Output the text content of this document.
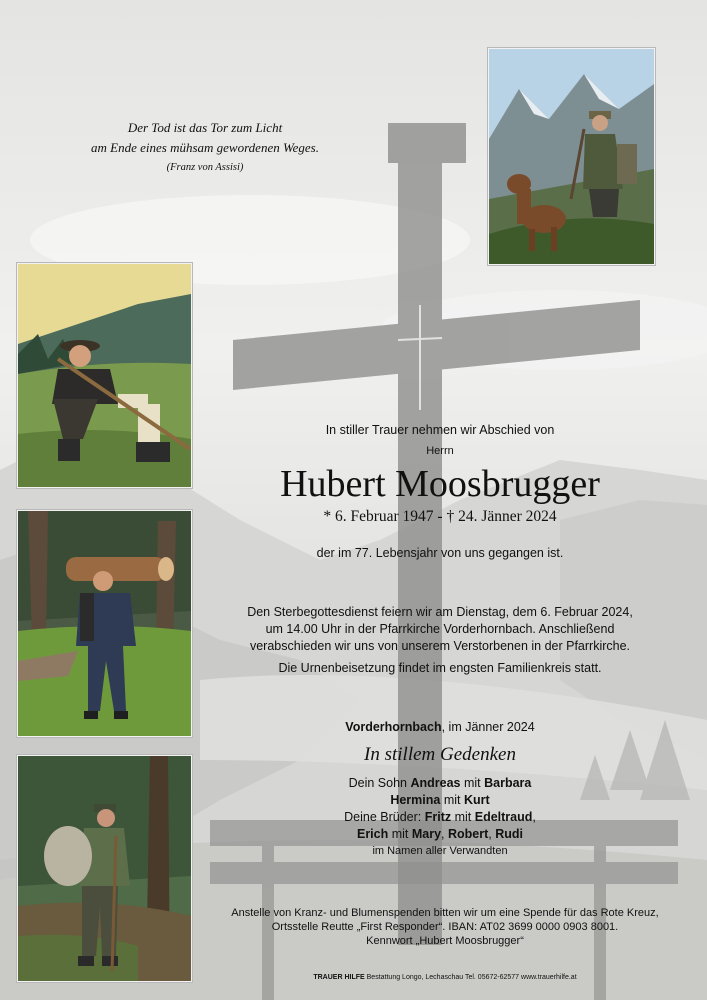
Der Tod ist das Tor zum Licht
am Ende eines mühsam gewordenen Weges.
(Franz von Assisi)
In stiller Trauer nehmen wir Abschied von
Herrn
Hubert Moosbrugger
* 6. Februar 1947 - † 24. Jänner 2024
der im 77. Lebensjahr von uns gegangen ist.
Den Sterbegottesdienst feiern wir am Dienstag, dem 6. Februar 2024,
um 14.00 Uhr in der Pfarrkirche Vorderhornbach. Anschließend
verabschieden wir uns von unserem Verstorbenen in der Pfarrkirche.
Die Urnenbeisetzung findet im engsten Familienkreis statt.
Vorderhornbach, im Jänner 2024
In stillem Gedenken
Dein Sohn Andreas mit Barbara
Hermina mit Kurt
Deine Brüder: Fritz mit Edeltraud,
Erich mit Mary, Robert, Rudi
im Namen aller Verwandten
Anstelle von Kranz- und Blumenspenden bitten wir um eine Spende für das Rote Kreuz,
Ortsstelle Reutte „First Responder“. IBAN: AT02 3699 0000 0903 8001.
Kennwort „Hubert Moosbrugger“
TRAUER HILFE Bestattung Longo, Lechaschau Tel. 05672-62577 www.trauerhilfe.at
